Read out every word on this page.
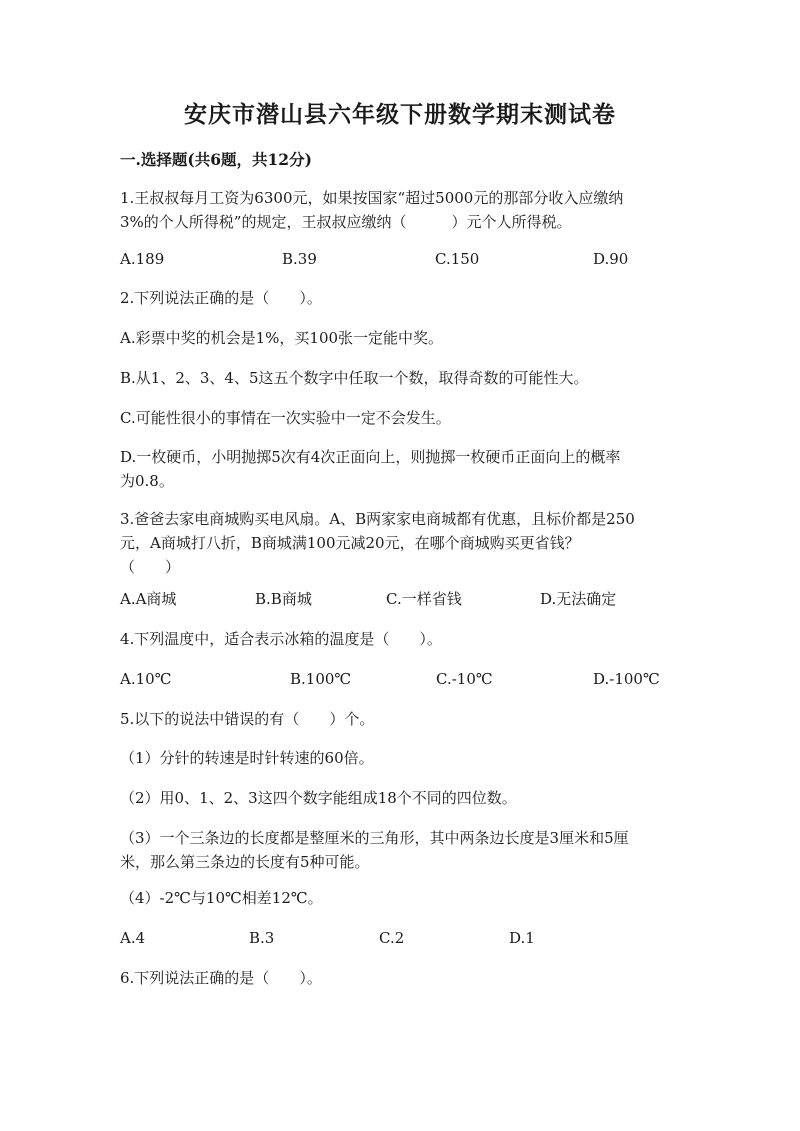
安庆市潜山县六年级下册数学期末测试卷
一.选择题(共6题，共12分)
1.王叔叔每月工资为6300元，如果按国家“超过5000元的那部分收入应缴纳
3%的个人所得税”的规定，王叔叔应缴纳（　　　）元个人所得税。
A.189	B.39	C.150	D.90
2.下列说法正确的是（　　）。
A.彩票中奖的机会是1%，买100张一定能中奖。
B.从1、2、3、4、5这五个数字中任取一个数，取得奇数的可能性大。
C.可能性很小的事情在一次实验中一定不会发生。
D.一枚硬币，小明抛掷5次有4次正面向上，则抛掷一枚硬币正面向上的概率
为0.8。
3.爸爸去家电商城购买电风扇。A、B两家家电商城都有优惠，且标价都是250
元，A商城打八折，B商城满100元减20元，在哪个商城购买更省钱？
（　　）
A.A商城	B.B商城	C.一样省钱	D.无法确定
4.下列温度中，适合表示冰箱的温度是（　　）。
A.10℃	B.100℃	C.-10℃	D.-100℃
5.以下的说法中错误的有（　　）个。
（1）分针的转速是时针转速的60倍。
（2）用0、1、2、3这四个数字能组成18个不同的四位数。
（3）一个三条边的长度都是整厘米的三角形，其中两条边长度是3厘米和5厘
米，那么第三条边的长度有5种可能。
（4）-2℃与10℃相差12℃。
A.4	B.3	C.2	D.1
6.下列说法正确的是（　　）。
